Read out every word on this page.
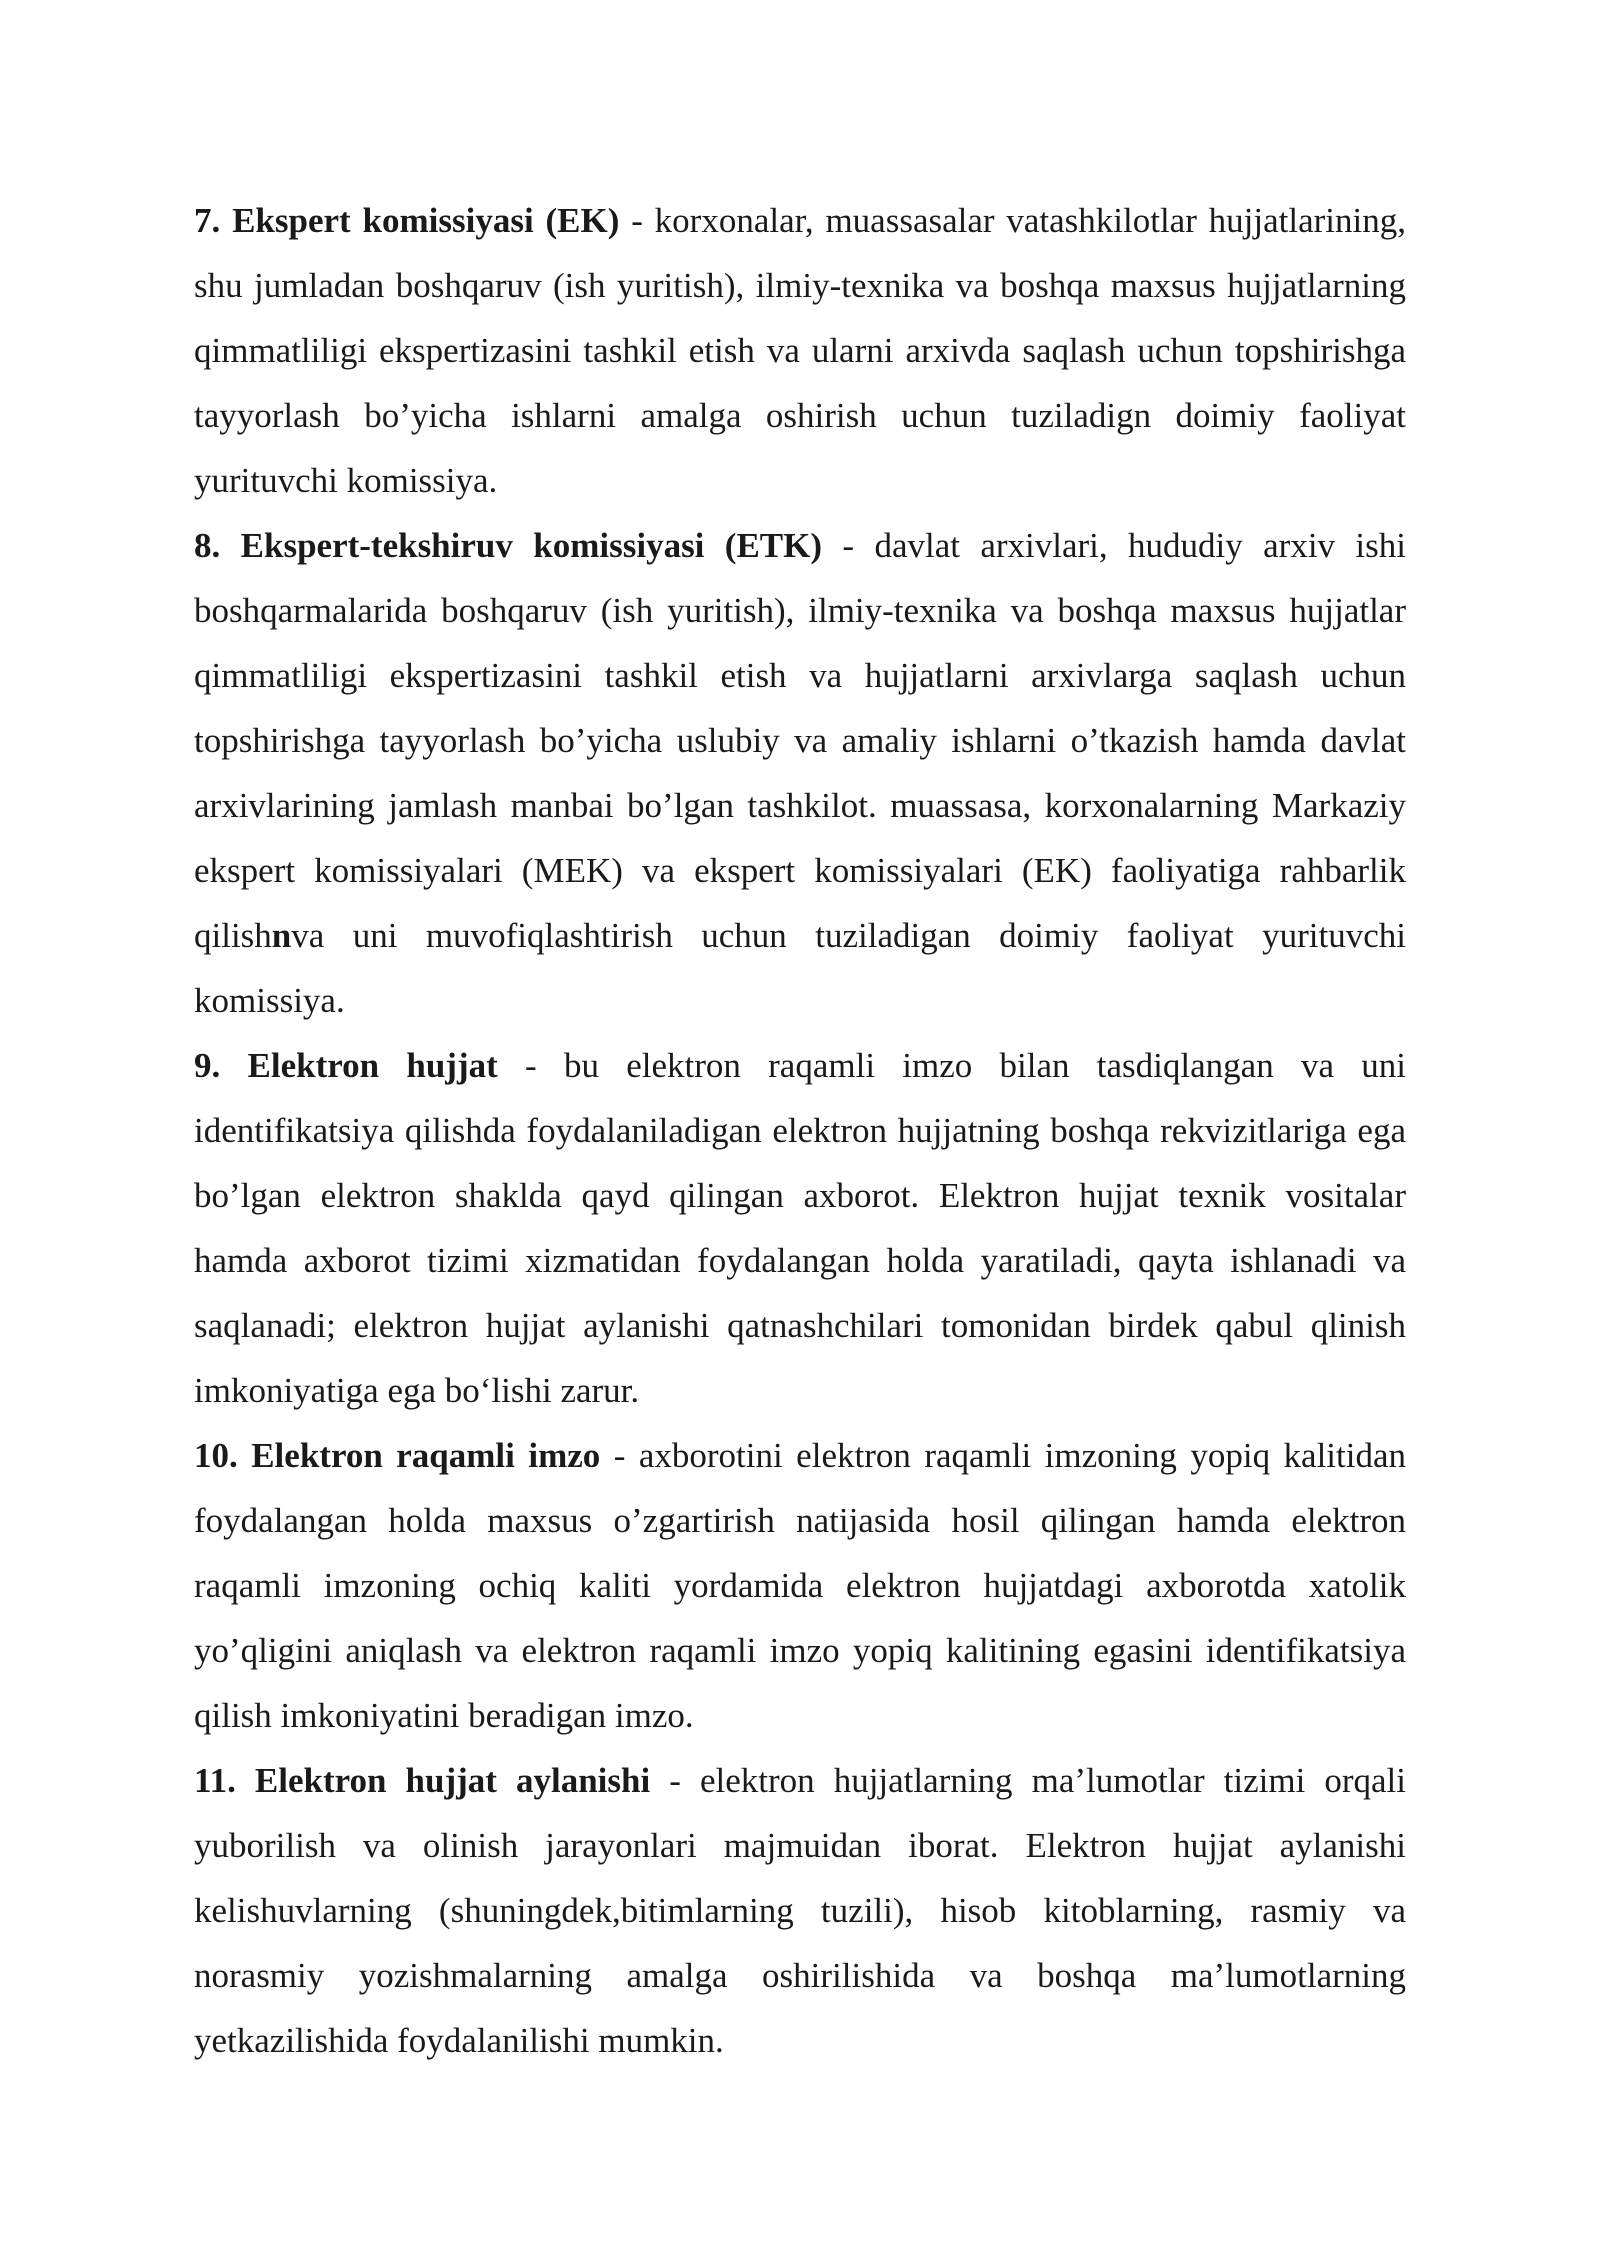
7. Ekspert komissiyasi (EK) - korxonalar, muassasalar vatashkilotlar hujjatlarining, shu jumladan boshqaruv (ish yuritish), ilmiy-texnika va boshqa maxsus hujjatlarning qimmatliligi ekspertizasini tashkil etish va ularni arxivda saqlash uchun topshirishga tayyorlash bo’yicha ishlarni amalga oshirish uchun tuziladign doimiy faoliyat yurituvchi komissiya.

8. Ekspert-tekshiruv komissiyasi (ETK) - davlat arxivlari, hududiy arxiv ishi boshqarmalarida boshqaruv (ish yuritish), ilmiy-texnika va boshqa maxsus hujjatlar qimmatliligi ekspertizasini tashkil etish va hujjatlarni arxivlarga saqlash uchun topshirishga tayyorlash bo’yicha uslubiy va amaliy ishlarni o’tkazish hamda davlat arxivlarining jamlash manbai bo’lgan tashkilot. muassasa, korxonalarning Markaziy ekspert komissiyalari (MEK) va ekspert komissiyalari (EK) faoliyatiga rahbarlik qilishnva uni muvofiqlashtirish uchun tuziladigan doimiy faoliyat yurituvchi komissiya.

9. Elektron hujjat - bu elektron raqamli imzo bilan tasdiqlangan va uni identifikatsiya qilishda foydalaniladigan elektron hujjatning boshqa rekvizitlariga ega bo’lgan elektron shaklda qayd qilingan axborot. Elektron hujjat texnik vositalar hamda axborot tizimi xizmatidan foydalangan holda yaratiladi, qayta ishlanadi va saqlanadi; elektron hujjat aylanishi qatnashchilari tomonidan birdek qabul qlinish imkoniyatiga ega bo‘lishi zarur.

10. Elektron raqamli imzo - axborotini elektron raqamli imzoning yopiq kalitidan foydalangan holda maxsus o’zgartirish natijasida hosil qilingan hamda elektron raqamli imzoning ochiq kaliti yordamida elektron hujjatdagi axborotda xatolik yo’qligini aniqlash va elektron raqamli imzo yopiq kalitining egasini identifikatsiya qilish imkoniyatini beradigan imzo.

11. Elektron hujjat aylanishi - elektron hujjatlarning ma’lumotlar tizimi orqali yuborilish va olinish jarayonlari majmuidan iborat. Elektron hujjat aylanishi kelishuvlarning (shuningdek,bitimlarning tuzili), hisob kitoblarning, rasmiy va norasmiy yozishmalarning amalga oshirilishida va boshqa ma’lumotlarning yetkazilishida foydalanilishi mumkin.
